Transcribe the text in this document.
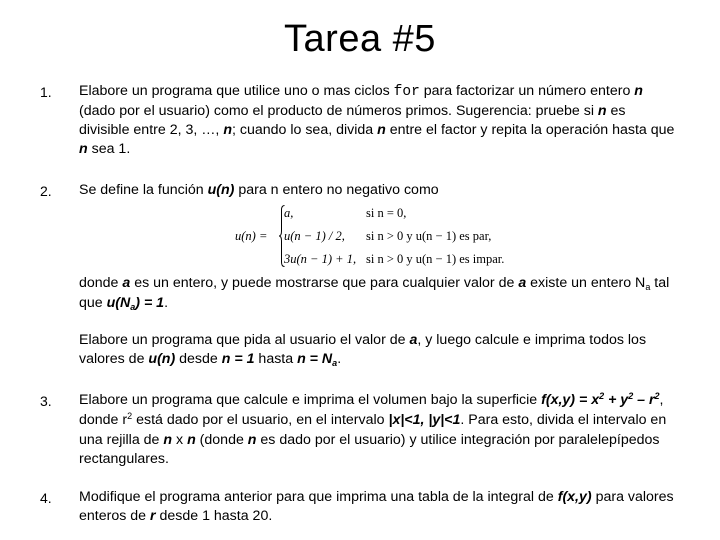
Tarea #5
1. Elabore un programa que utilice uno o mas ciclos for para factorizar un número entero n (dado por el usuario) como el producto de números primos. Sugerencia: pruebe si n es divisible entre 2, 3, …, n; cuando lo sea, divida n entre el factor y repita la operación hasta que n sea 1.
2. Se define la función u(n) para n entero no negativo como
u(n) =
a,	si n = 0,
u(n − 1) / 2, si n > 0 y u(n − 1) es par,
3u(n − 1) + 1, si n > 0 y u(n − 1) es impar.
donde a es un entero, y puede mostrarse que para cualquier valor de a existe un entero $N_a$ tal que $u(N_a) = 1$.
Elabore un programa que pida al usuario el valor de a, y luego calcule e imprima todos los valores de u(n) desde n = 1 hasta $n = N_a$.
3. Elabore un programa que calcule e imprima el volumen bajo la superficie $f(x,y) = x^2 + y^2 - r^2$, donde $r^2$ está dado por el usuario, en el intervalo |x|<1, |y|<1. Para esto, divida el intervalo en una rejilla de n x n (donde n es dado por el usuario) y utilice integración por paralelepípedos rectangulares.
4. Modifique el programa anterior para que imprima una tabla de la integral de f(x,y) para valores enteros de r desde 1 hasta 20.
